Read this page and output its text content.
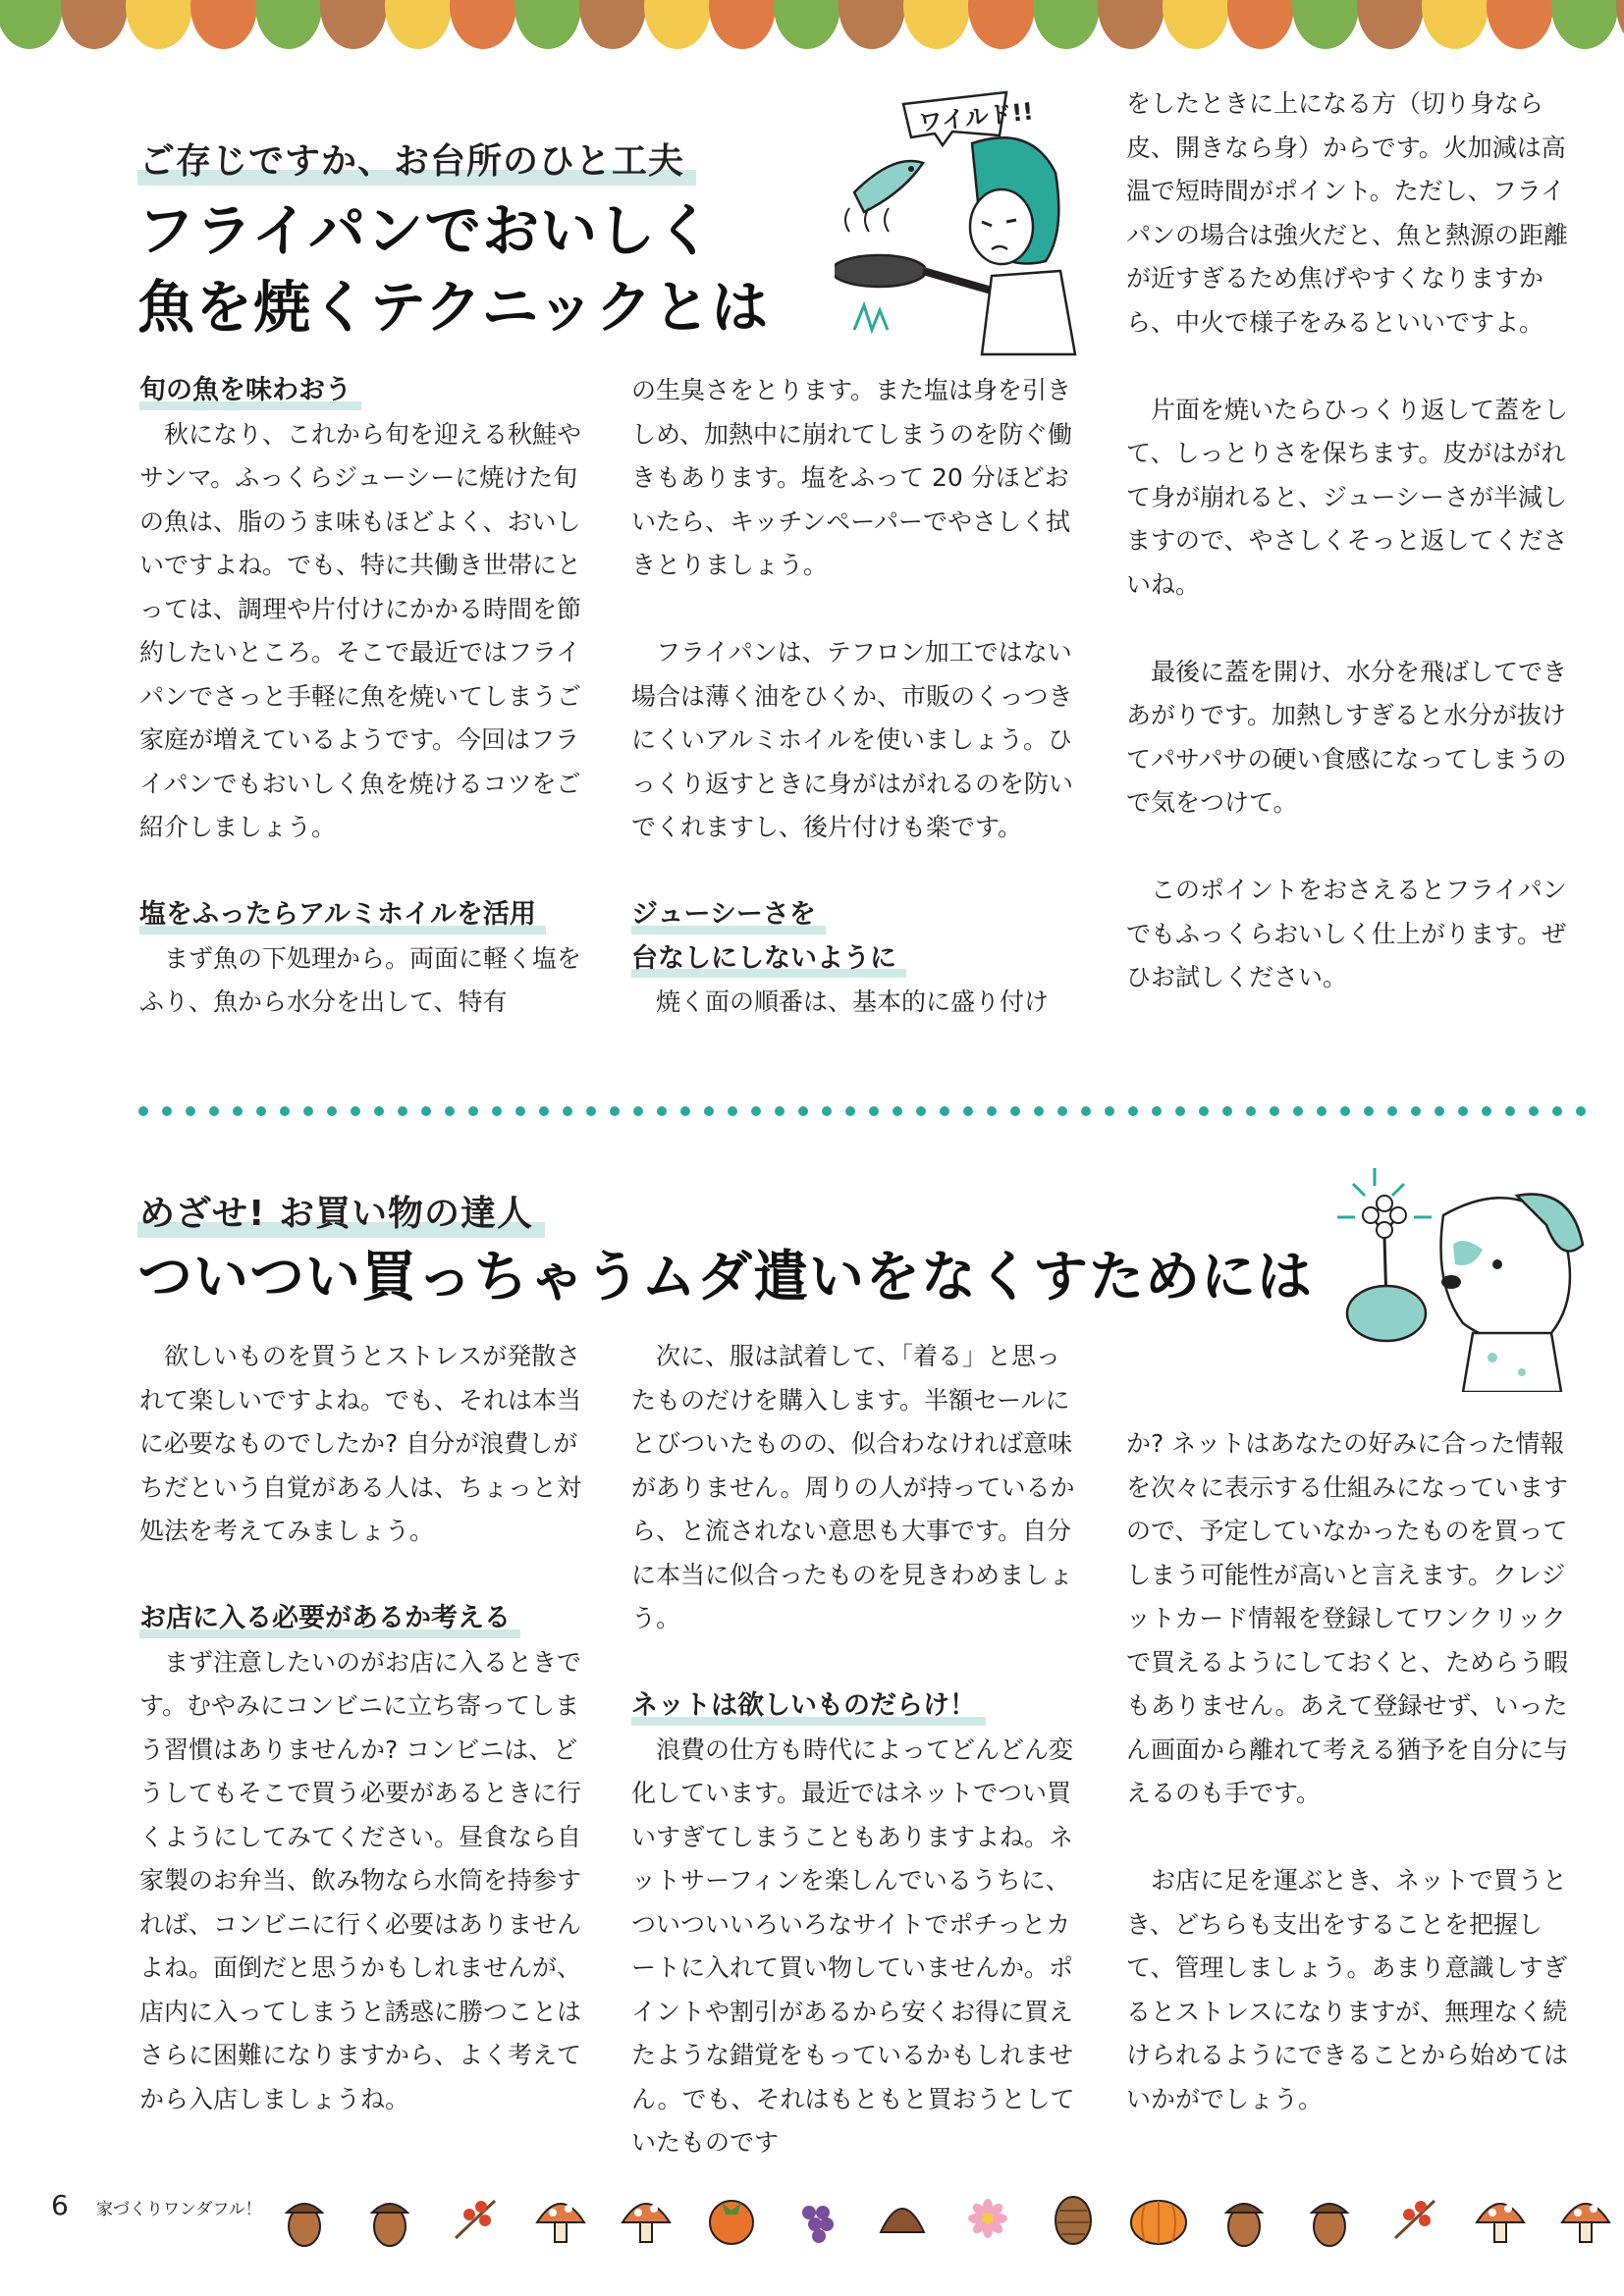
ご存じですか、お台所のひと工夫
フライパンでおいしく
魚を焼くテクニックとは
ワイルド!!
旬の魚を味わおう

秋になり、これから旬を迎える秋鮭やサンマ。ふっくらジューシーに焼けた旬の魚は、脂のうま味もほどよく、おいしいですよね。でも、特に共働き世帯にとっては、調理や片付けにかかる時間を節約したいところ。そこで最近ではフライパンでさっと手軽に魚を焼いてしまうご家庭が増えているようです。今回はフライパンでもおいしく魚を焼けるコツをご紹介しましょう。

塩をふったらアルミホイルを活用

まず魚の下処理から。両面に軽く塩をふり、魚から水分を出して、特有

の生臭さをとります。また塩は身を引きしめ、加熱中に崩れてしまうのを防ぐ働きもあります。塩をふって 20 分ほどおいたら、キッチンペーパーでやさしく拭きとりましょう。

フライパンは、テフロン加工ではない場合は薄く油をひくか、市販のくっつきにくいアルミホイルを使いましょう。ひっくり返すときに身がはがれるのを防いでくれますし、後片付けも楽です。

ジューシーさを
台なしにしないように

焼く面の順番は、基本的に盛り付け

をしたときに上になる方（切り身なら皮、開きなら身）からです。火加減は高温で短時間がポイント。ただし、フライパンの場合は強火だと、魚と熱源の距離が近すぎるため焦げやすくなりますから、中火で様子をみるといいですよ。

片面を焼いたらひっくり返して蓋をして、しっとりさを保ちます。皮がはがれて身が崩れると、ジューシーさが半減しますので、やさしくそっと返してくださいね。

最後に蓋を開け、水分を飛ばしてできあがりです。加熱しすぎると水分が抜けてパサパサの硬い食感になってしまうので気をつけて。

このポイントをおさえるとフライパンでもふっくらおいしく仕上がります。ぜひお試しください。

めざせ! お買い物の達人
ついつい買っちゃうムダ遣いをなくすためには

欲しいものを買うとストレスが発散されて楽しいですよね。でも、それは本当に必要なものでしたか? 自分が浪費しがちだという自覚がある人は、ちょっと対処法を考えてみましょう。

お店に入る必要があるか考える

まず注意したいのがお店に入るときです。むやみにコンビニに立ち寄ってしまう習慣はありませんか? コンビニは、どうしてもそこで買う必要があるときに行くようにしてみてください。昼食なら自家製のお弁当、飲み物なら水筒を持参すれば、コンビニに行く必要はありませんよね。面倒だと思うかもしれませんが、店内に入ってしまうと誘惑に勝つことはさらに困難になりますから、よく考えてから入店しましょうね。

次に、服は試着して、「着る」と思ったものだけを購入します。半額セールにとびついたものの、似合わなければ意味がありません。周りの人が持っているから、と流されない意思も大事です。自分に本当に似合ったものを見きわめましょう。

ネットは欲しいものだらけ！

浪費の仕方も時代によってどんどん変化しています。最近ではネットでつい買いすぎてしまうこともありますよね。ネットサーフィンを楽しんでいるうちに、ついついいろいろなサイトでポチっとカートに入れて買い物していませんか。ポイントや割引があるから安くお得に買えたような錯覚をもっているかもしれません。でも、それはもともと買おうとしていたものです

か? ネットはあなたの好みに合った情報を次々に表示する仕組みになっていますので、予定していなかったものを買ってしまう可能性が高いと言えます。クレジットカード情報を登録してワンクリックで買えるようにしておくと、ためらう暇もありません。あえて登録せず、いったん画面から離れて考える猶予を自分に与えるのも手です。

お店に足を運ぶとき、ネットで買うとき、どちらも支出をすることを把握して、管理しましょう。あまり意識しすぎるとストレスになりますが、無理なく続けられるようにできることから始めてはいかがでしょう。

6 家づくりワンダフル！
